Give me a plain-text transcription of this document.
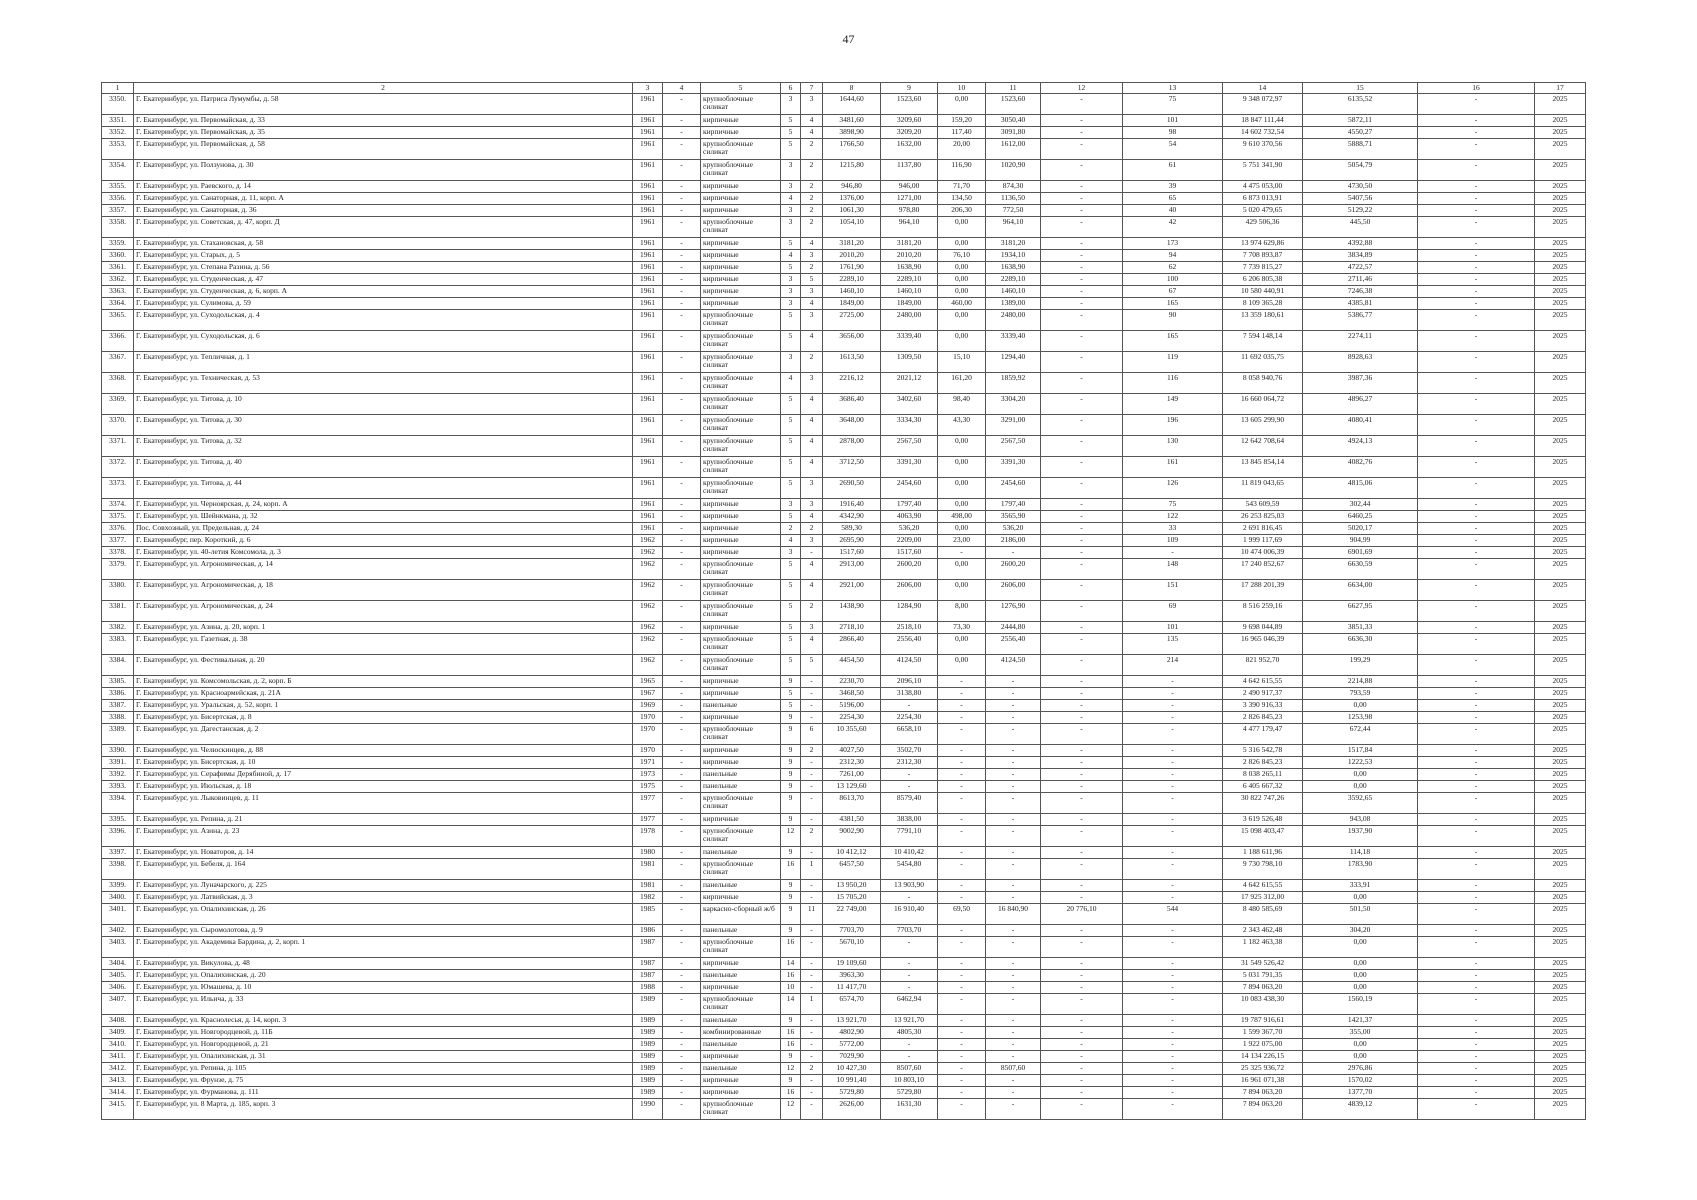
47
1	2	3	4	5	6	7	8	9	10	11	12	13	14	15	16	17
3350.	Г. Екатеринбург, ул. Патриса Лумумбы, д. 58	1961	-	крупноблочные силикат	3	3	1644,60	1523,60	0,00	1523,60	-	75	9 348 072,97	6135,52	-	2025
3351.	Г. Екатеринбург, ул. Первомайская, д. 33	1961	-	кирпичные	5	4	3481,60	3209,60	159,20	3050,40	-	101	18 847 111,44	5872,11	-	2025
3352.	Г. Екатеринбург, ул. Первомайская, д. 35	1961	-	кирпичные	5	4	3898,90	3209,20	117,40	3091,80	-	98	14 602 732,54	4550,27	-	2025
3353.	Г. Екатеринбург, ул. Первомайская, д. 58	1961	-	крупноблочные силикат	5	2	1766,50	1632,00	20,00	1612,00	-	54	9 610 370,56	5888,71	-	2025
3354.	Г. Екатеринбург, ул. Ползунова, д. 30	1961	-	крупноблочные силикат	3	2	1215,80	1137,80	116,90	1020,90	-	61	5 751 341,90	5054,79	-	2025
3355.	Г. Екатеринбург, ул. Раевского, д. 14	1961	-	кирпичные	3	2	946,80	946,00	71,70	874,30	-	39	4 475 053,00	4730,50	-	2025
3356.	Г. Екатеринбург, ул. Санаторная, д. 11, корп. А	1961	-	кирпичные	4	2	1376,00	1271,00	134,50	1136,50	-	65	6 873 013,91	5407,56	-	2025
3357.	Г. Екатеринбург, ул. Санаторная, д. 36	1961	-	кирпичные	3	2	1061,30	978,80	206,30	772,50	-	40	5 020 479,65	5129,22	-	2025
3358.	Г. Екатеринбург, ул. Советская, д. 47, корп. Д	1961	-	крупноблочные силикат	3	2	1054,10	964,10	0,00	964,10	-	42	429 506,36	445,50	-	2025
3359.	Г. Екатеринбург, ул. Стахановская, д. 58	1961	-	кирпичные	5	4	3181,20	3181,20	0,00	3181,20	-	173	13 974 629,86	4392,88	-	2025
3360.	Г. Екатеринбург, ул. Старых, д. 5	1961	-	кирпичные	4	3	2010,20	2010,20	76,10	1934,10	-	94	7 708 893,87	3834,89	-	2025
3361.	Г. Екатеринбург, ул. Степана Разина, д. 56	1961	-	кирпичные	5	2	1761,90	1638,90	0,00	1638,90	-	62	7 739 815,27	4722,57	-	2025
3362.	Г. Екатеринбург, ул. Студенческая, д. 47	1961	-	кирпичные	3	5	2289,10	2289,10	0,00	2289,10	-	100	6 206 805,38	2711,46	-	2025
3363.	Г. Екатеринбург, ул. Студенческая, д. 6, корп. А	1961	-	кирпичные	3	3	1460,10	1460,10	0,00	1460,10	-	67	10 580 440,91	7246,38	-	2025
3364.	Г. Екатеринбург, ул. Сулимова, д. 59	1961	-	кирпичные	3	4	1849,00	1849,00	460,00	1389,00	-	165	8 109 365,28	4385,81	-	2025
3365.	Г. Екатеринбург, ул. Суходольская, д. 4	1961	-	крупноблочные силикат	5	3	2725,00	2480,00	0,00	2480,00	-	90	13 359 180,61	5386,77	-	2025
3366.	Г. Екатеринбург, ул. Суходольская, д. 6	1961	-	крупноблочные силикат	5	4	3656,00	3339,40	0,00	3339,40	-	165	7 594 148,14	2274,11	-	2025
3367.	Г. Екатеринбург, ул. Тепличная, д. 1	1961	-	крупноблочные силикат	3	2	1613,50	1309,50	15,10	1294,40	-	119	11 692 035,75	8928,63	-	2025
3368.	Г. Екатеринбург, ул. Техническая, д. 53	1961	-	крупноблочные силикат	4	3	2216,12	2021,12	161,20	1859,92	-	116	8 058 940,76	3987,36	-	2025
3369.	Г. Екатеринбург, ул. Титова, д. 10	1961	-	крупноблочные силикат	5	4	3686,40	3402,60	98,40	3304,20	-	149	16 660 064,72	4896,27	-	2025
3370.	Г. Екатеринбург, ул. Титова, д. 30	1961	-	крупноблочные силикат	5	4	3648,00	3334,30	43,30	3291,00	-	196	13 605 299,90	4080,41	-	2025
3371.	Г. Екатеринбург, ул. Титова, д. 32	1961	-	крупноблочные силикат	5	4	2878,00	2567,50	0,00	2567,50	-	130	12 642 708,64	4924,13	-	2025
3372.	Г. Екатеринбург, ул. Титова, д. 40	1961	-	крупноблочные силикат	5	4	3712,50	3391,30	0,00	3391,30	-	161	13 845 854,14	4082,76	-	2025
3373.	Г. Екатеринбург, ул. Титова, д. 44	1961	-	крупноблочные силикат	5	3	2690,50	2454,60	0,00	2454,60	-	126	11 819 043,65	4815,06	-	2025
3374.	Г. Екатеринбург, ул. Черноярская, д. 24, корп. А	1961	-	кирпичные	3	3	1916,40	1797,40	0,00	1797,40	-	75	543 609,59	302,44	-	2025
3375.	Г. Екатеринбург, ул. Шейнкмана, д. 32	1961	-	кирпичные	5	4	4342,90	4063,90	498,00	3565,90	-	122	26 253 825,03	6460,25	-	2025
3376.	Пос. Совхозный, ул. Предельная, д. 24	1961	-	кирпичные	2	2	589,30	536,20	0,00	536,20	-	33	2 691 816,45	5020,17	-	2025
3377.	Г. Екатеринбург, пер. Короткий, д. 6	1962	-	кирпичные	4	3	2695,90	2209,00	23,00	2186,00	-	109	1 999 117,69	904,99	-	2025
3378.	Г. Екатеринбург, ул. 40-летия Комсомола, д. 3	1962	-	кирпичные	3	-	1517,60	1517,60	-	-	-	-	10 474 006,39	6901,69	-	2025
3379.	Г. Екатеринбург, ул. Агрономическая, д. 14	1962	-	крупноблочные силикат	5	4	2913,00	2600,20	0,00	2600,20	-	148	17 240 852,67	6630,59	-	2025
3380.	Г. Екатеринбург, ул. Агрономическая, д. 18	1962	-	крупноблочные силикат	5	4	2921,00	2606,00	0,00	2606,00	-	151	17 288 201,39	6634,00	-	2025
3381.	Г. Екатеринбург, ул. Агрономическая, д. 24	1962	-	крупноблочные силикат	5	2	1438,90	1284,90	8,00	1276,90	-	69	8 516 259,16	6627,95	-	2025
3382.	Г. Екатеринбург, ул. Азина, д. 20, корп. 1	1962	-	кирпичные	5	3	2718,10	2518,10	73,30	2444,80	-	101	9 698 044,89	3851,33	-	2025
3383.	Г. Екатеринбург, ул. Газетная, д. 38	1962	-	крупноблочные силикат	5	4	2866,40	2556,40	0,00	2556,40	-	135	16 965 046,39	6636,30	-	2025
3384.	Г. Екатеринбург, ул. Фестивальная, д. 20	1962	-	крупноблочные силикат	5	5	4454,50	4124,50	0,00	4124,50	-	214	821 952,70	199,29	-	2025
3385.	Г. Екатеринбург, ул. Комсомольская, д. 2, корп. Б	1965	-	кирпичные	9	-	2230,70	2096,10	-	-	-	-	4 642 615,55	2214,88	-	2025
3386.	Г. Екатеринбург, ул. Красноармейская, д. 21А	1967	-	кирпичные	5	-	3468,50	3138,80	-	-	-	-	2 490 917,37	793,59	-	2025
3387.	Г. Екатеринбург, ул. Уральская, д. 52, корп. 1	1969	-	панельные	5	-	5196,00	-	-	-	-	-	3 390 916,33	0,00	-	2025
3388.	Г. Екатеринбург, ул. Бисертская, д. 8	1970	-	кирпичные	9	-	2254,30	2254,30	-	-	-	-	2 826 845,23	1253,98	-	2025
3389.	Г. Екатеринбург, ул. Дагестанская, д. 2	1970	-	крупноблочные силикат	9	6	10 355,60	6658,10	-	-	-	-	4 477 179,47	672,44	-	2025
3390.	Г. Екатеринбург, ул. Челюскинцев, д. 88	1970	-	кирпичные	9	2	4027,50	3502,70	-	-	-	-	5 316 542,78	1517,84	-	2025
3391.	Г. Екатеринбург, ул. Бисертская, д. 10	1971	-	кирпичные	9	-	2312,30	2312,30	-	-	-	-	2 826 845,23	1222,53	-	2025
3392.	Г. Екатеринбург, ул. Серафимы Дерябиной, д. 17	1973	-	панельные	9	-	7261,00	-	-	-	-	-	8 038 265,11	0,00	-	2025
3393.	Г. Екатеринбург, ул. Июльская, д. 18	1975	-	панельные	9	-	13 129,60	-	-	-	-	-	6 405 667,32	0,00	-	2025
3394.	Г. Екатеринбург, ул. Лыковинцев, д. 11	1977	-	крупноблочные силикат	9	-	8613,70	8579,40	-	-	-	-	30 822 747,26	3592,65	-	2025
3395.	Г. Екатеринбург, ул. Репина, д. 21	1977	-	кирпичные	9	-	4381,50	3838,00	-	-	-	-	3 619 526,48	943,08	-	2025
3396.	Г. Екатеринбург, ул. Азина, д. 23	1978	-	крупноблочные силикат	12	2	9002,90	7791,10	-	-	-	-	15 098 403,47	1937,90	-	2025
3397.	Г. Екатеринбург, ул. Новаторов, д. 14	1980	-	панельные	9	-	10 412,12	10 410,42	-	-	-	-	1 188 611,96	114,18	-	2025
3398.	Г. Екатеринбург, ул. Бебеля, д. 164	1981	-	крупноблочные силикат	16	1	6457,50	5454,80	-	-	-	-	9 730 798,10	1783,90	-	2025
3399.	Г. Екатеринбург, ул. Луначарского, д. 225	1981	-	панельные	9	-	13 950,20	13 903,90	-	-	-	-	4 642 615,55	333,91	-	2025
3400.	Г. Екатеринбург, ул. Латвийская, д. 3	1982	-	кирпичные	9	-	15 705,20	-	-	-	-	-	17 925 312,00	0,00	-	2025
3401.	Г. Екатеринбург, ул. Опалихинская, д. 26	1985	-	каркасно-сборный ж/б	9	11	22 749,00	16 910,40	69,50	16 840,90	20 776,10	544	8 480 585,69	501,50	-	2025
3402.	Г. Екатеринбург, ул. Сыромолотова, д. 9	1986	-	панельные	9	-	7703,70	7703,70	-	-	-	-	2 343 462,48	304,20	-	2025
3403.	Г. Екатеринбург, ул. Академика Бардина, д. 2, корп. 1	1987	-	крупноблочные силикат	16	-	5670,10	-	-	-	-	-	1 182 463,38	0,00	-	2025
3404.	Г. Екатеринбург, ул. Викулова, д. 48	1987	-	кирпичные	14	-	19 109,60	-	-	-	-	-	31 549 526,42	0,00	-	2025
3405.	Г. Екатеринбург, ул. Опалихинская, д. 20	1987	-	панельные	16	-	3963,30	-	-	-	-	-	5 031 791,35	0,00	-	2025
3406.	Г. Екатеринбург, ул. Юмашева, д. 10	1988	-	кирпичные	10	-	11 417,70	-	-	-	-	-	7 894 063,20	0,00	-	2025
3407.	Г. Екатеринбург, ул. Ильича, д. 33	1989	-	крупноблочные силикат	14	1	6574,70	6462,94	-	-	-	-	10 083 438,30	1560,19	-	2025
3408.	Г. Екатеринбург, ул. Краснолесья, д. 14, корп. 3	1989	-	панельные	9	-	13 921,70	13 921,70	-	-	-	-	19 787 916,61	1421,37	-	2025
3409.	Г. Екатеринбург, ул. Новгородцевой, д. 11Б	1989	-	комбинированные	16	-	4802,90	4805,30	-	-	-	-	1 599 367,70	355,00	-	2025
3410.	Г. Екатеринбург, ул. Новгородцевой, д. 21	1989	-	панельные	16	-	5772,00	-	-	-	-	-	1 922 075,00	0,00	-	2025
3411.	Г. Екатеринбург, ул. Опалихинская, д. 31	1989	-	кирпичные	9	-	7029,90	-	-	-	-	-	14 134 226,15	0,00	-	2025
3412.	Г. Екатеринбург, ул. Репина, д. 105	1989	-	панельные	12	2	10 427,30	8507,60	-	8507,60	-	-	25 325 936,72	2976,86	-	2025
3413.	Г. Екатеринбург, ул. Фрунзе, д. 75	1989	-	кирпичные	9	-	10 991,40	10 803,10	-	-	-	-	16 961 071,38	1570,02	-	2025
3414.	Г. Екатеринбург, ул. Фурманова, д. 111	1989	-	кирпичные	16	-	5729,80	5729,80	-	-	-	-	7 894 063,20	1377,70	-	2025
3415.	Г. Екатеринбург, ул. 8 Марта, д. 185, корп. 3	1990	-	крупноблочные силикат	12	-	2626,00	1631,30	-	-	-	-	7 894 063,20	4839,12	-	2025
